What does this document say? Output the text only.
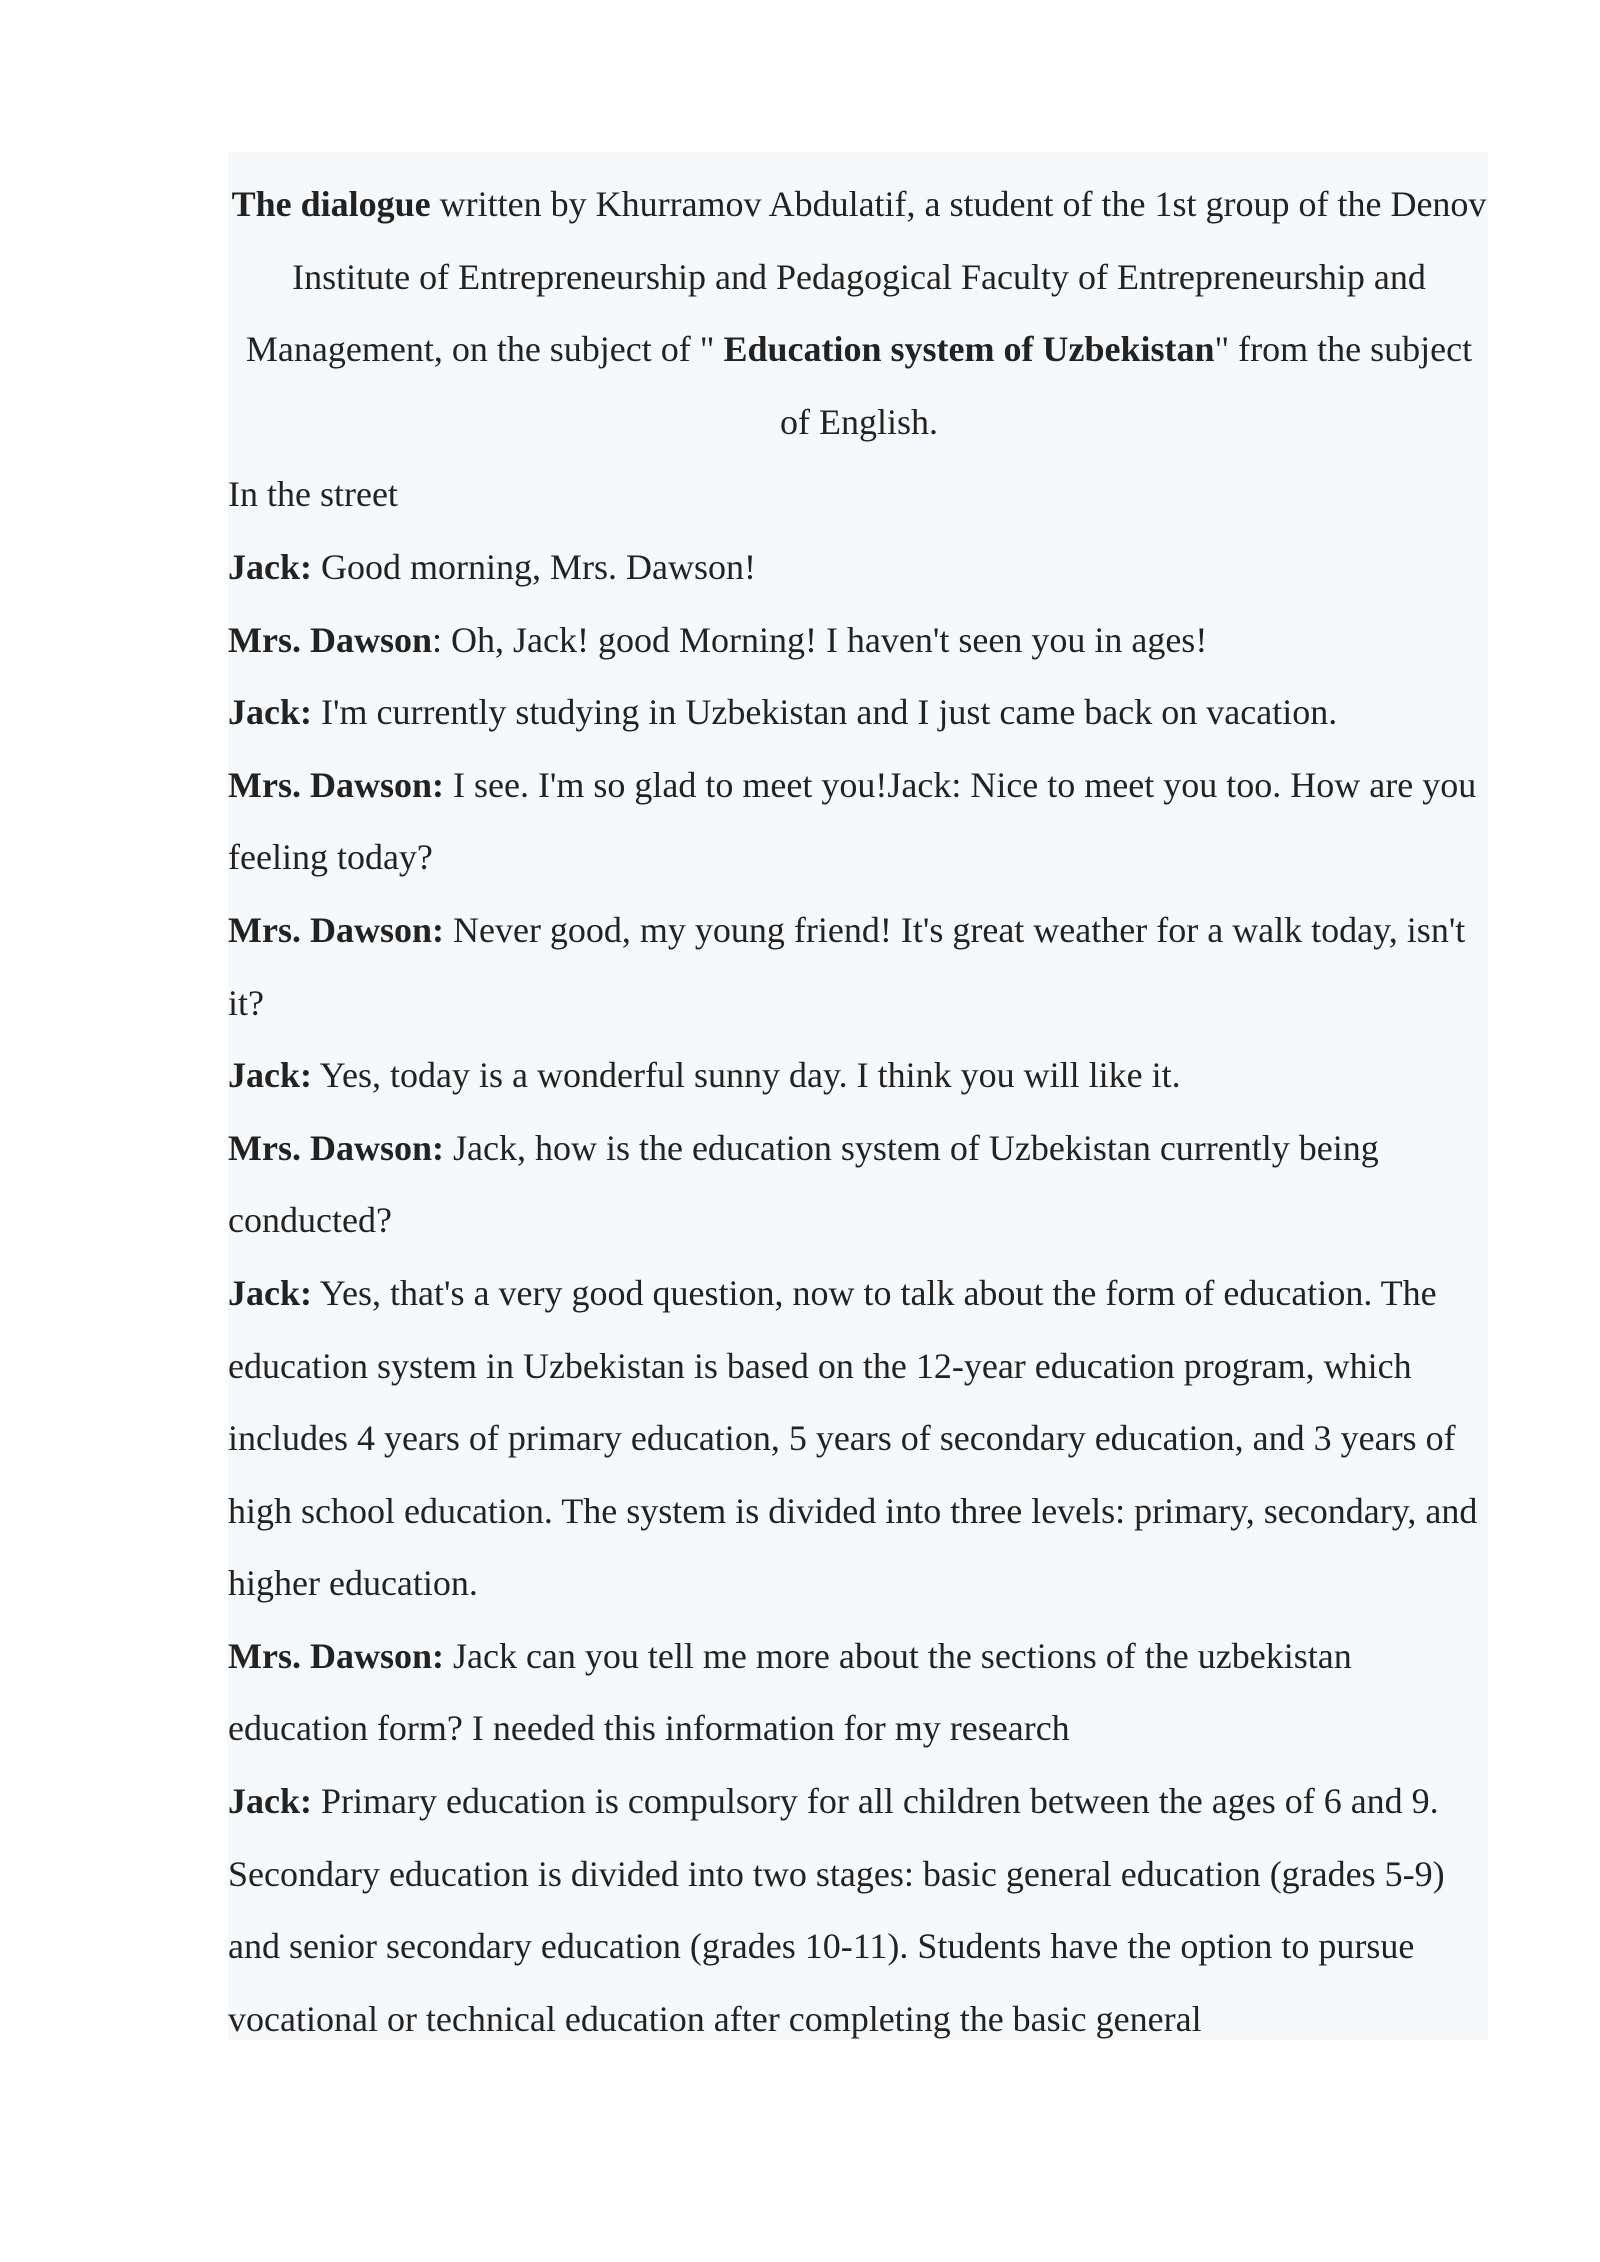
The dialogue written by Khurramov Abdulatif, a student of the 1st group of the Denov Institute of Entrepreneurship and Pedagogical Faculty of Entrepreneurship and Management, on the subject of " Education system of Uzbekistan" from the subject of English.

In the street

Jack: Good morning, Mrs. Dawson!

Mrs. Dawson: Oh, Jack! good Morning! I haven't seen you in ages!

Jack: I'm currently studying in Uzbekistan and I just came back on vacation.

Mrs. Dawson: I see. I'm so glad to meet you!Jack: Nice to meet you too. How are you feeling today?

Mrs. Dawson: Never good, my young friend! It's great weather for a walk today, isn't it?

Jack: Yes, today is a wonderful sunny day. I think you will like it.

Mrs. Dawson: Jack, how is the education system of Uzbekistan currently being conducted?

Jack: Yes, that's a very good question, now to talk about the form of education. The education system in Uzbekistan is based on the 12-year education program, which includes 4 years of primary education, 5 years of secondary education, and 3 years of high school education. The system is divided into three levels: primary, secondary, and higher education.

Mrs. Dawson: Jack can you tell me more about the sections of the uzbekistan education form? I needed this information for my research

Jack: Primary education is compulsory for all children between the ages of 6 and 9. Secondary education is divided into two stages: basic general education (grades 5-9) and senior secondary education (grades 10-11). Students have the option to pursue vocational or technical education after completing the basic general
